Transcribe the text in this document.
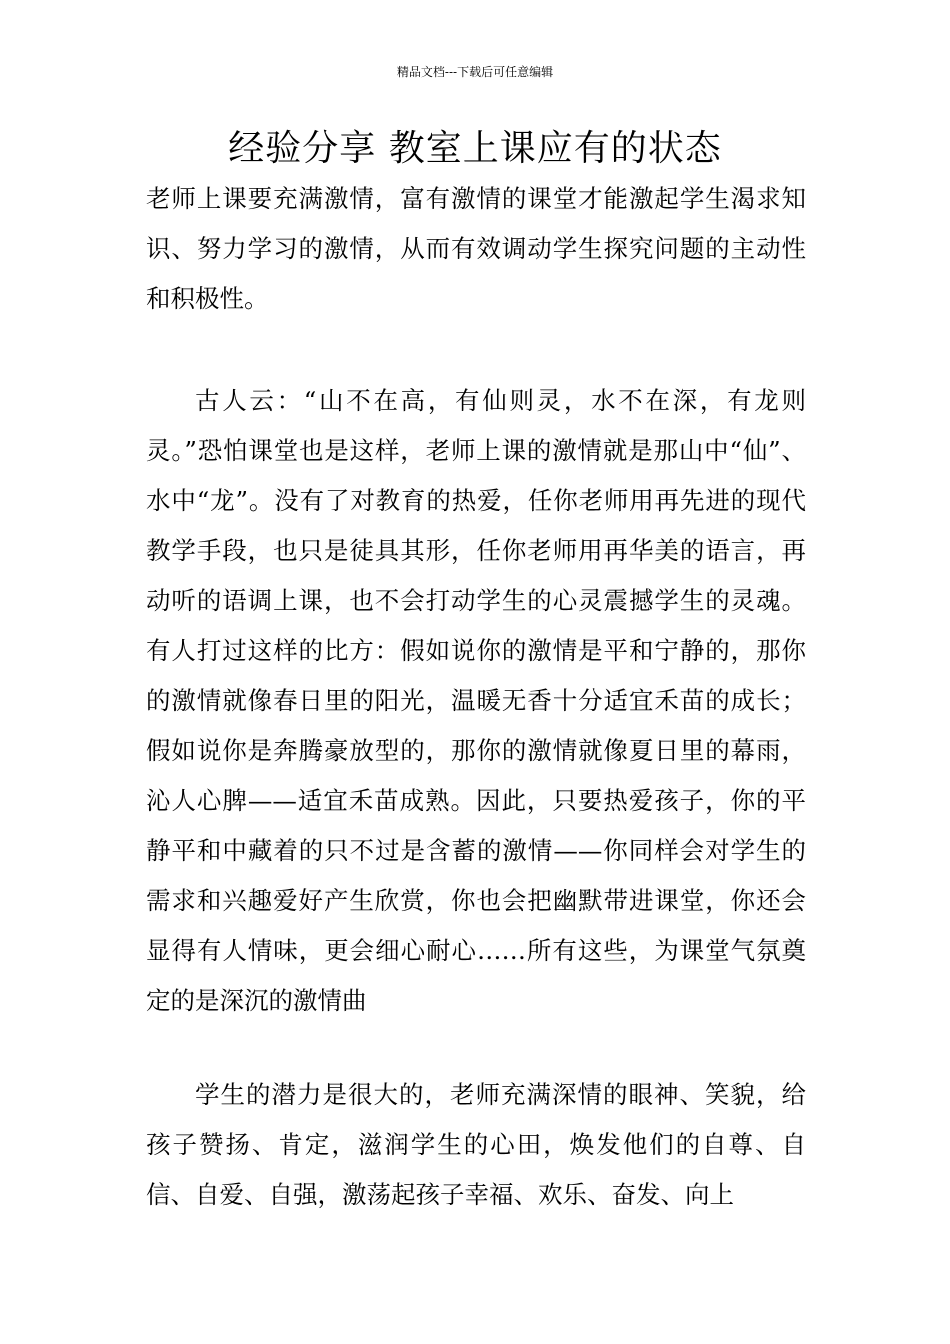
精品文档---下载后可任意编辑
经验分享 教室上课应有的状态

老师上课要充满激情，富有激情的课堂才能激起学生渴求知识、努力学习的激情，从而有效调动学生探究问题的主动性和积极性。

古人云：“山不在高，有仙则灵，水不在深，有龙则灵。”恐怕课堂也是这样，老师上课的激情就是那山中“仙”、水中“龙”。没有了对教育的热爱，任你老师用再先进的现代教学手段，也只是徒具其形，任你老师用再华美的语言，再动听的语调上课，也不会打动学生的心灵震撼学生的灵魂。有人打过这样的比方：假如说你的激情是平和宁静的，那你的激情就像春日里的阳光，温暖无香十分适宜禾苗的成长；假如说你是奔腾豪放型的，那你的激情就像夏日里的幕雨，沁人心脾——适宜禾苗成熟。因此，只要热爱孩子，你的平静平和中藏着的只不过是含蓄的激情——你同样会对学生的需求和兴趣爱好产生欣赏，你也会把幽默带进课堂，你还会显得有人情味，更会细心耐心……所有这些，为课堂气氛奠定的是深沉的激情曲

学生的潜力是很大的，老师充满深情的眼神、笑貌，给孩子赞扬、肯定，滋润学生的心田，焕发他们的自尊、自信、自爱、自强，激荡起孩子幸福、欢乐、奋发、向上
